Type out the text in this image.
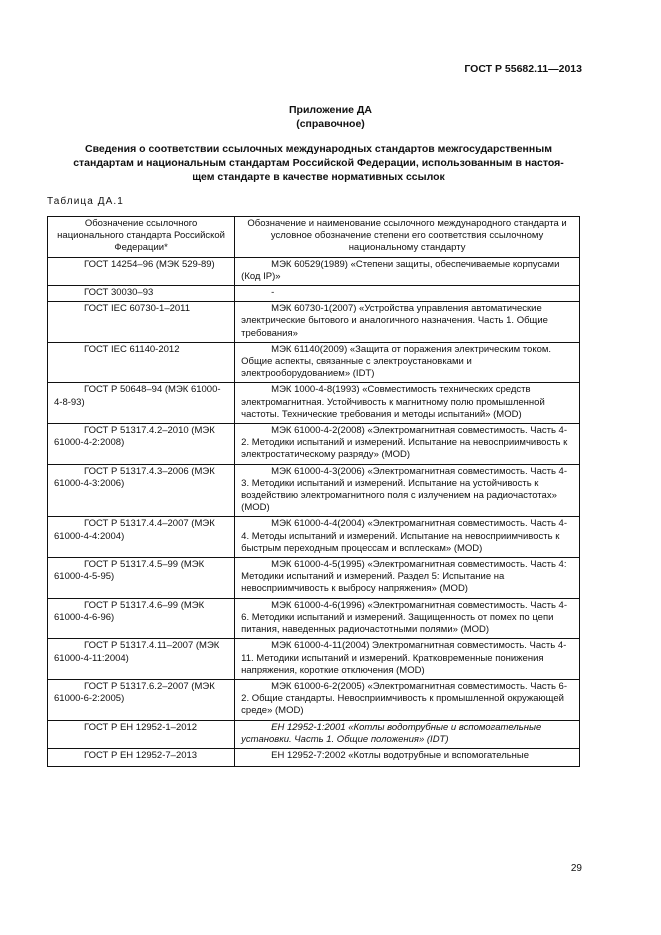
ГОСТ Р 55682.11—2013
Приложение ДА
(справочное)
Сведения о соответствии ссылочных международных стандартов межгосударственным
стандартам и национальным стандартам Российской Федерации, использованным в настоя-
щем стандарте в качестве нормативных ссылок
Таблица ДА.1
Обозначение ссылочного национального стандарта Российской Федерации*	Обозначение и наименование ссылочного международного стандарта и условное обозначение степени его соответствия ссылочному национальному стандарту

ГОСТ 14254–96 (МЭК 529-89)	МЭК 60529(1989) «Степени защиты, обеспечиваемые корпусами (Код IP)»

ГОСТ 30030–93	-

ГОСТ IEC 60730-1–2011	МЭК 60730-1(2007) «Устройства управления автоматические электрические бытового и аналогичного назначения. Часть 1. Общие требования»

ГОСТ IEC 61140-2012	МЭК 61140(2009) «Защита от поражения электрическим током. Общие аспекты, связанные с электроустановками и электрооборудованием» (IDT)

ГОСТ Р 50648–94 (МЭК 61000-4-8-93)	МЭК 1000-4-8(1993) «Совместимость технических средств электромагнитная. Устойчивость к магнитному полю промышленной частоты. Технические требования и методы испытаний» (MOD)

ГОСТ Р 51317.4.2–2010 (МЭК 61000-4-2:2008)	МЭК 61000-4-2(2008) «Электромагнитная совместимость. Часть 4-2. Методики испытаний и измерений. Испытание на невосприимчивость к электростатическому разряду» (MOD)

ГОСТ Р 51317.4.3–2006 (МЭК 61000-4-3:2006)	МЭК 61000-4-3(2006) «Электромагнитная совместимость. Часть 4-3. Методики испытаний и измерений. Испытание на устойчивость к воздействию электромагнитного поля с излучением на радиочастотах» (MOD)

ГОСТ Р 51317.4.4–2007 (МЭК 61000-4-4:2004)	МЭК 61000-4-4(2004) «Электромагнитная совместимость. Часть 4-4. Методы испытаний и измерений. Испытание на невосприимчивость к быстрым переходным процессам и всплескам» (MOD)

ГОСТ Р 51317.4.5–99 (МЭК 61000-4-5-95)	МЭК 61000-4-5(1995) «Электромагнитная совместимость. Часть 4: Методики испытаний и измерений. Раздел 5: Испытание на невосприимчивость к выбросу напряжения» (MOD)

ГОСТ Р 51317.4.6–99 (МЭК 61000-4-6-96)	МЭК 61000-4-6(1996) «Электромагнитная совместимость. Часть 4-6. Методики испытаний и измерений. Защищенность от помех по цепи питания, наведенных радиочастотными полями» (MOD)

ГОСТ Р 51317.4.11–2007 (МЭК 61000-4-11:2004)	МЭК 61000-4-11(2004) Электромагнитная совместимость. Часть 4-11. Методики испытаний и измерений. Кратковременные понижения напряжения, короткие отключения (MOD)

ГОСТ Р 51317.6.2–2007 (МЭК 61000-6-2:2005)	МЭК 61000-6-2(2005) «Электромагнитная совместимость. Часть 6-2. Общие стандарты. Невосприимчивость к промышленной окружающей среде» (MOD)

ГОСТ Р ЕН 12952-1–2012	ЕН 12952-1:2001 «Котлы водотрубные и вспомогательные установки. Часть 1. Общие положения» (IDT)

ГОСТ Р ЕН 12952-7–2013	ЕН 12952-7:2002 «Котлы водотрубные и вспомогательные

29
